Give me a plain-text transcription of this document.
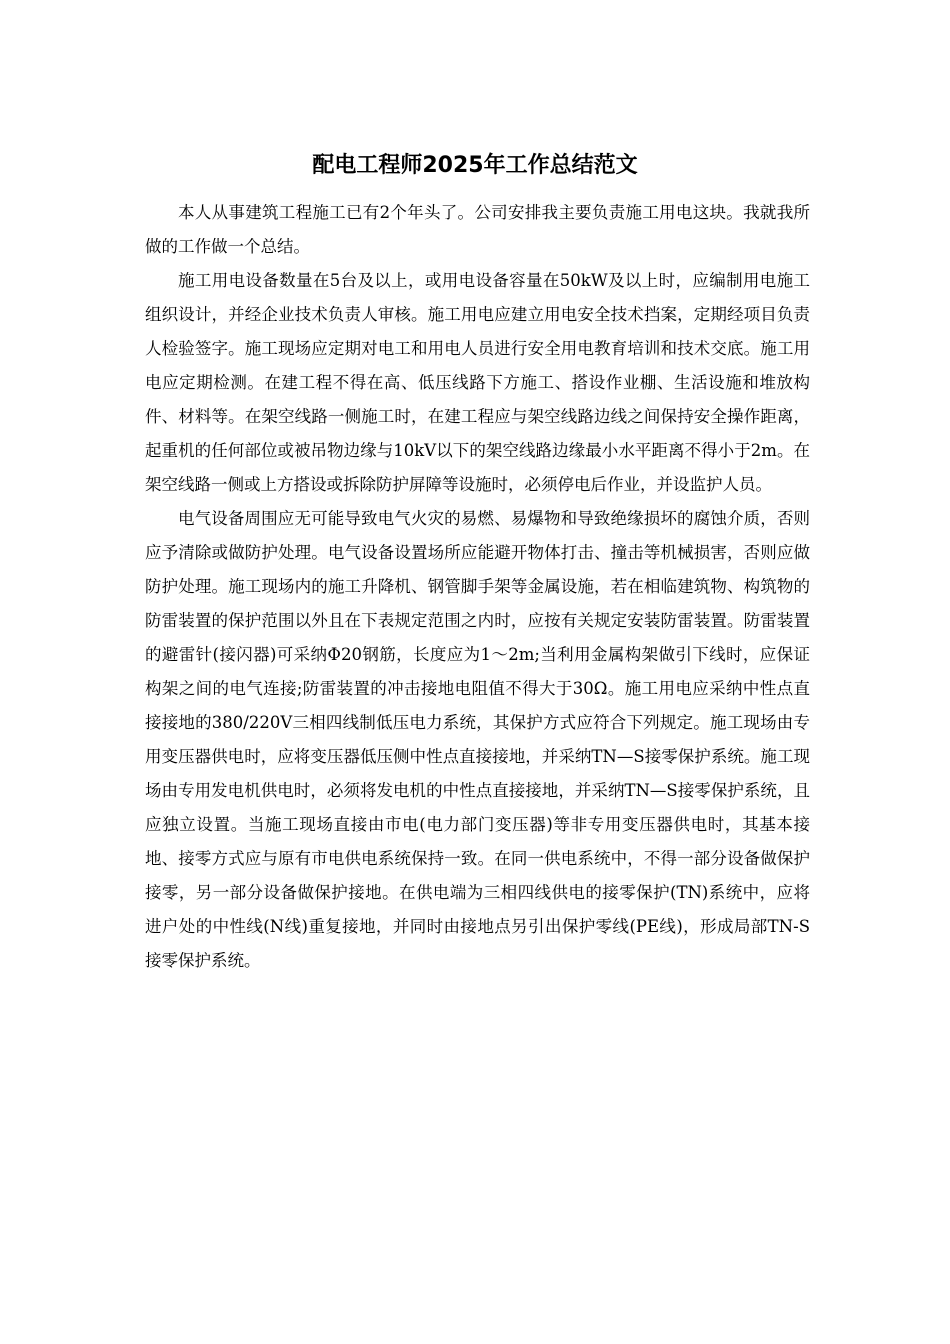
配电工程师2025年工作总结范文

本人从事建筑工程施工已有2个年头了。公司安排我主要负责施工用电这块。我就我所做的工作做一个总结。

施工用电设备数量在5台及以上，或用电设备容量在50kW及以上时，应编制用电施工组织设计，并经企业技术负责人审核。施工用电应建立用电安全技术挡案，定期经项目负责人检验签字。施工现场应定期对电工和用电人员进行安全用电教育培训和技术交底。施工用电应定期检测。在建工程不得在高、低压线路下方施工、搭设作业棚、生活设施和堆放构件、材料等。在架空线路一侧施工时，在建工程应与架空线路边线之间保持安全操作距离，起重机的任何部位或被吊物边缘与10kV以下的架空线路边缘最小水平距离不得小于2m。在架空线路一侧或上方搭设或拆除防护屏障等设施时，必须停电后作业，并设监护人员。

电气设备周围应无可能导致电气火灾的易燃、易爆物和导致绝缘损坏的腐蚀介质，否则应予清除或做防护处理。电气设备设置场所应能避开物体打击、撞击等机械损害，否则应做防护处理。施工现场内的施工升降机、钢管脚手架等金属设施，若在相临建筑物、构筑物的防雷装置的保护范围以外且在下表规定范围之内时，应按有关规定安装防雷装置。防雷装置的避雷针(接闪器)可采纳Φ20钢筋，长度应为1～2m;当利用金属构架做引下线时，应保证构架之间的电气连接;防雷装置的冲击接地电阻值不得大于30Ω。施工用电应采纳中性点直接接地的380/220V三相四线制低压电力系统，其保护方式应符合下列规定。施工现场由专用变压器供电时，应将变压器低压侧中性点直接接地，并采纳TN—S接零保护系统。施工现场由专用发电机供电时，必须将发电机的中性点直接接地，并采纳TN—S接零保护系统，且应独立设置。当施工现场直接由市电(电力部门变压器)等非专用变压器供电时，其基本接地、接零方式应与原有市电供电系统保持一致。在同一供电系统中，不得一部分设备做保护接零，另一部分设备做保护接地。在供电端为三相四线供电的接零保护(TN)系统中，应将进户处的中性线(N线)重复接地，并同时由接地点另引出保护零线(PE线)，形成局部TN-S接零保护系统。
